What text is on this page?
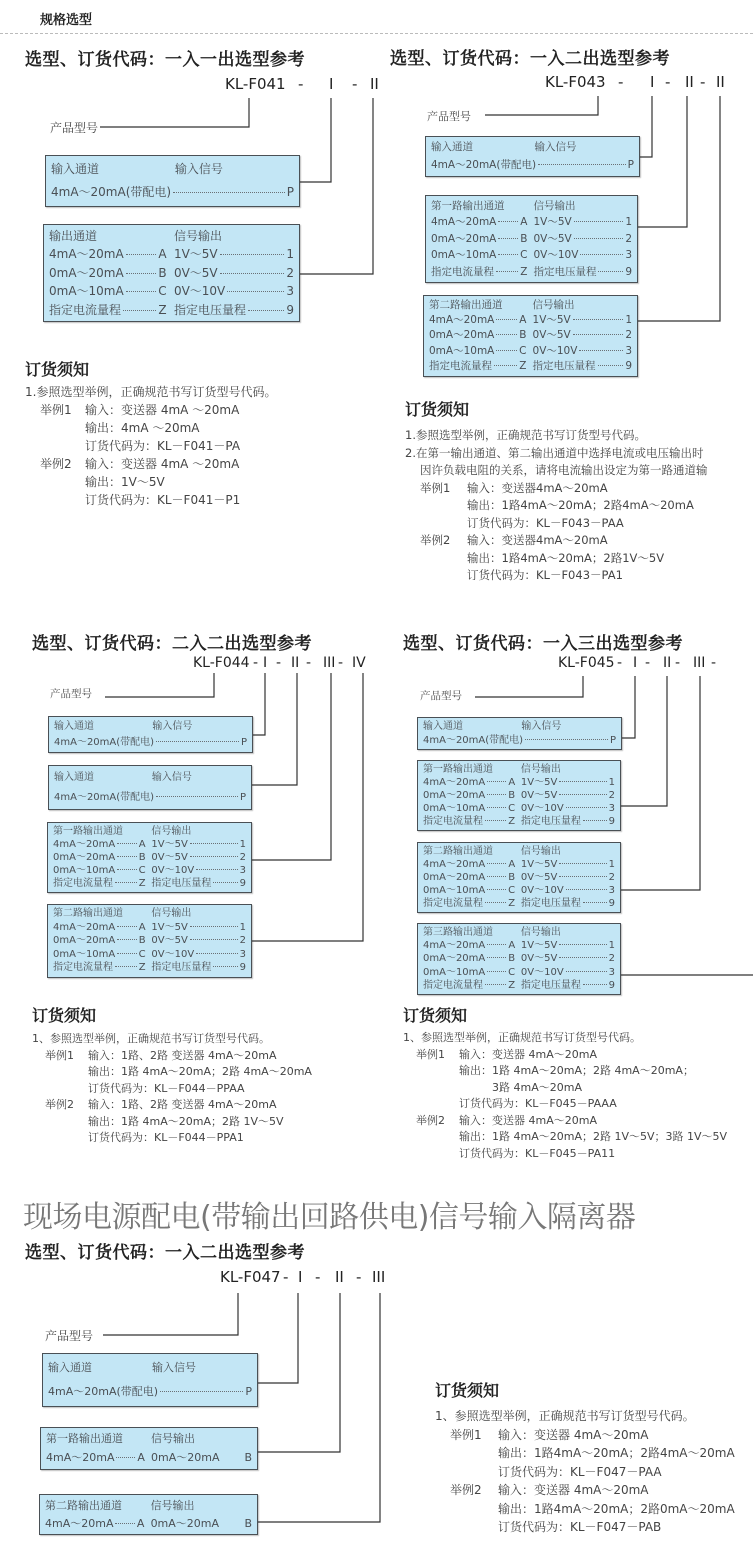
规格选型
现场电源配电(带输出回路供电)信号输入隔离器
选型、订货代码：一入一出选型参考
KL-F041 - I - II
产品型号
输入通道	输入信号
4mA～20mA(带配电)	P
输出通道	信号输出
4mA～20mA	A 1V～5V	1
0mA～20mA	B 0V～5V	2
0mA～10mA	C 0V～10V	3
指定电流量程	Z 指定电压量程	9
订货须知
1.参照选型举例，正确规范书写订货型号代码。
举例1 输入：变送器 4mA ～20mA
输出：4mA ～20mA
订货代码为：KL－F041－PA
举例2 输入：变送器 4mA ～20mA
输出：1V～5V
订货代码为：KL－F041－P1
选型、订货代码：一入二出选型参考
KL-F043 - I - II - II
产品型号
输入通道	输入信号
4mA～20mA(带配电)	P
第一路输出通道	信号输出
4mA～20mA A 1V～5V	1
0mA～20mA B 0V～5V	2
0mA～10mA C 0V～10V	3
指定电流量程	Z 指定电压量程	9
第二路输出通道	信号输出
4mA～20mA A 1V～5V	1
0mA～20mA B 0V～5V	2
0mA～10mA C 0V～10V	3
指定电流量程	Z 指定电压量程	9
订货须知
1.参照选型举例，正确规范书写订货型号代码。
2.在第一输出通道、第二输出通道中选择电流或电压输出时
因许负载电阻的关系，请将电流输出设定为第一路通道输
举例1 输入：变送器4mA～20mA
输出：1路4mA～20mA；2路4mA～20mA
订货代码为：KL－F043－PAA
举例2 输入：变送器4mA～20mA
输出：1路4mA～20mA；2路1V～5V
订货代码为：KL－F043－PA1
选型、订货代码：二入二出选型参考
KL-F044 - I - II - III - IV
产品型号
输入通道	输入信号
4mA～20mA(带配电)	P
输入通道	输入信号
4mA～20mA(带配电)	P
第一路输出通道	信号输出
4mA～20mA A 1V～5V	1
0mA～20mA B 0V～5V	2
0mA～10mA C 0V～10V	3
指定电流量程	Z 指定电压量程	9
第二路输出通道	信号输出
4mA～20mA A 1V～5V	1
0mA～20mA B 0V～5V	2
0mA～10mA C 0V～10V	3
指定电流量程	Z 指定电压量程	9
订货须知
1、参照选型举例，正确规范书写订货型号代码。
举例1 输入：1路、2路 变送器 4mA～20mA
输出：1路 4mA～20mA；2路 4mA～20mA
订货代码为：KL－F044－PPAA
举例2 输入：1路、2路 变送器 4mA～20mA
输出：1路 4mA～20mA；2路 1V～5V
订货代码为：KL－F044－PPA1
选型、订货代码：一入三出选型参考
KL-F045 - I - II - III -
产品型号
输入通道	输入信号
4mA～20mA(带配电)	P
第一路输出通道	信号输出
4mA～20mA A 1V～5V	1
0mA～20mA B 0V～5V	2
0mA～10mA C 0V～10V	3
指定电流量程	Z 指定电压量程	9
第二路输出通道	信号输出
4mA～20mA A 1V～5V	1
0mA～20mA B 0V～5V	2
0mA～10mA C 0V～10V	3
指定电流量程	Z 指定电压量程	9
第三路输出通道	信号输出
4mA～20mA A 1V～5V	1
0mA～20mA B 0V～5V	2
0mA～10mA C 0V～10V	3
指定电流量程	Z 指定电压量程	9
订货须知
1、参照选型举例，正确规范书写订货型号代码。
举例1 输入：变送器 4mA～20mA
输出：1路 4mA～20mA；2路 4mA～20mA；
3路 4mA～20mA
订货代码为：KL－F045－PAAA
举例2 输入：变送器 4mA～20mA
输出：1路 4mA～20mA；2路 1V～5V；3路 1V～5V
订货代码为：KL－F045－PA11
选型、订货代码：一入二出选型参考
KL-F047 - I - II - III
产品型号
输入通道	输入信号
4mA～20mA(带配电)	P
第一路输出通道	信号输出
4mA～20mA A 0mA～20mA B
第二路输出通道	信号输出
4mA～20mA A 0mA～20mA B
订货须知
1、参照选型举例，正确规范书写订货型号代码。
举例1 输入：变送器 4mA～20mA
输出：1路4mA～20mA；2路4mA～20mA
订货代码为：KL－F047－PAA
举例2 输入：变送器 4mA～20mA
输出：1路4mA～20mA；2路0mA～20mA
订货代码为：KL－F047－PAB
